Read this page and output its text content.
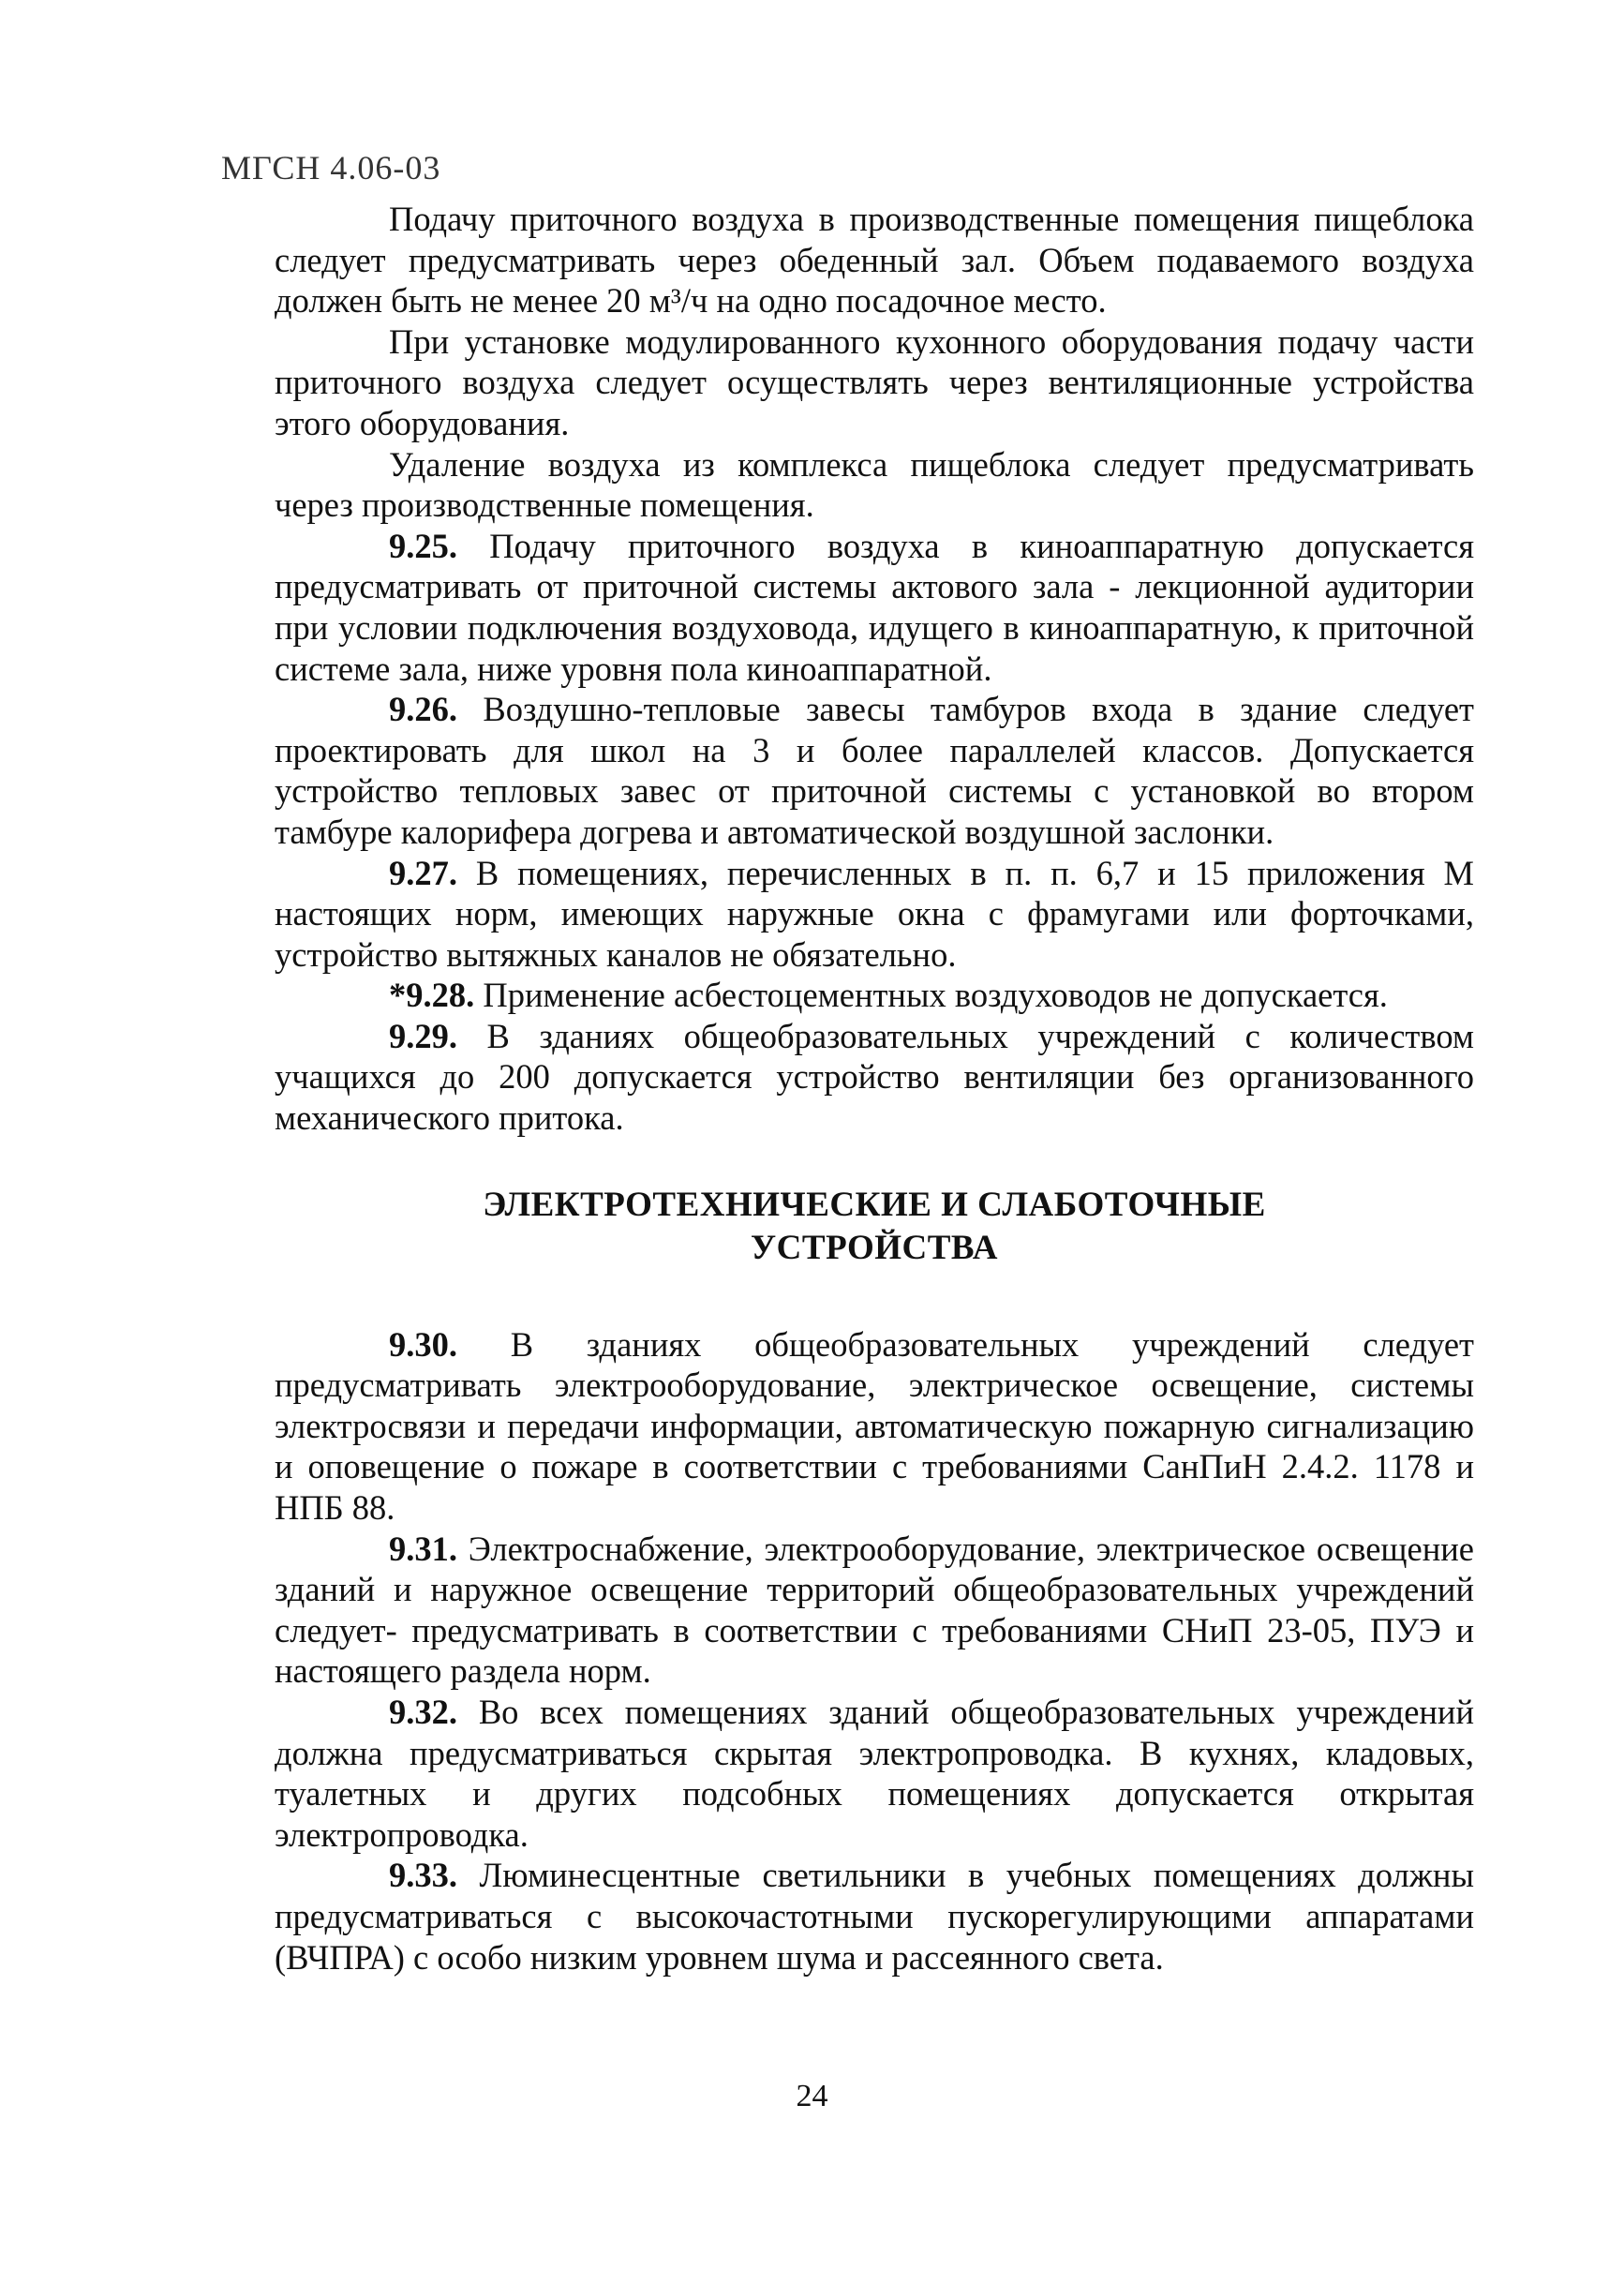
МГСН 4.06-03

Подачу приточного воздуха в производственные помещения пищеблока следует предусматривать через обеденный зал. Объем подаваемого воздуха должен быть не менее 20 м³/ч на одно посадочное место.

При установке модулированного кухонного оборудования подачу части приточного воздуха следует осуществлять через вентиляционные устройства этого оборудования.

Удаление воздуха из комплекса пищеблока следует предусматривать через производственные помещения.

9.25. Подачу приточного воздуха в киноаппаратную допускается предусматривать от приточной системы актового зала - лекционной аудитории при условии подключения воздуховода, идущего в киноаппаратную, к приточной системе зала, ниже уровня пола киноаппаратной.

9.26. Воздушно-тепловые завесы тамбуров входа в здание следует проектировать для школ на 3 и более параллелей классов. Допускается устройство тепловых завес от приточной системы с установкой во втором тамбуре калорифера догрева и автоматической воздушной заслонки.

9.27. В помещениях, перечисленных в п. п. 6,7 и 15 приложения М настоящих норм, имеющих наружные окна с фрамугами или форточками, устройство вытяжных каналов не обязательно.

*9.28. Применение асбестоцементных воздуховодов не допускается.

9.29. В зданиях общеобразовательных учреждений с количеством учащихся до 200 допускается устройство вентиляции без организованного механического притока.

ЭЛЕКТРОТЕХНИЧЕСКИЕ И СЛАБОТОЧНЫЕ
УСТРОЙСТВА

9.30. В зданиях общеобразовательных учреждений следует предусматривать электрооборудование, электрическое освещение, системы электросвязи и передачи информации, автоматическую пожарную сигнализацию и оповещение о пожаре в соответствии с требованиями СанПиН 2.4.2. 1178 и НПБ 88.

9.31. Электроснабжение, электрооборудование, электрическое освещение зданий и наружное освещение территорий общеобразовательных учреждений следует- предусматривать в соответствии с требованиями СНиП 23-05, ПУЭ и настоящего раздела норм.

9.32. Во всех помещениях зданий общеобразовательных учреждений должна предусматриваться скрытая электропроводка. В кухнях, кладовых, туалетных и других подсобных помещениях допускается открытая электропроводка.

9.33. Люминесцентные светильники в учебных помещениях должны предусматриваться с высокочастотными пускорегулирующими аппаратами (ВЧПРА) с особо низким уровнем шума и рассеянного света.

24
